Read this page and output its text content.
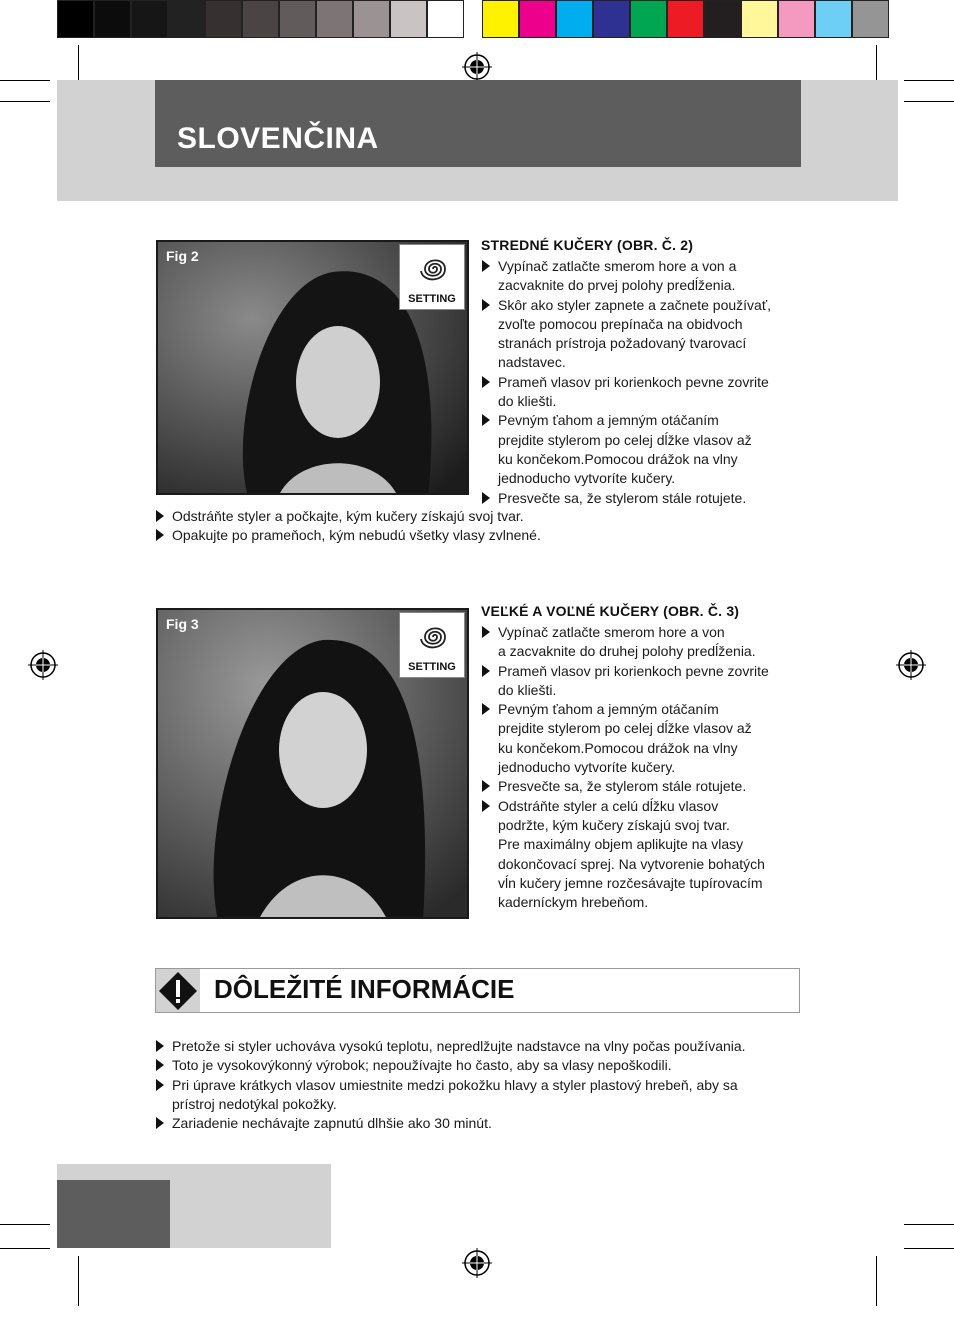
SLOVENČINA
Fig 2
SETTING
STREDNÉ KUČERY (OBR. Č. 2)
Vypínač zatlačte smerom hore a von a
zacvaknite do prvej polohy predĺženia.
Skôr ako styler zapnete a začnete používať,
zvoľte pomocou prepínača na obidvoch
stranách prístroja požadovaný tvarovací
nadstavec.
Prameň vlasov pri korienkoch pevne zovrite
do kliešti.
Pevným ťahom a jemným otáčaním
prejdite stylerom po celej dĺžke vlasov až
ku končekom.Pomocou drážok na vlny
jednoducho vytvoríte kučery.
Presvečte sa, že stylerom stále rotujete.
Odstráňte styler a počkajte, kým kučery získajú svoj tvar.
Opakujte po prameňoch, kým nebudú všetky vlasy zvlnené.
Fig 3
SETTING
VEĽKÉ A VOĽNÉ KUČERY (OBR. Č. 3)
Vypínač zatlačte smerom hore a von
a zacvaknite do druhej polohy predĺženia.
Prameň vlasov pri korienkoch pevne zovrite
do kliešti.
Pevným ťahom a jemným otáčaním
prejdite stylerom po celej dĺžke vlasov až
ku končekom.Pomocou drážok na vlny
jednoducho vytvoríte kučery.
Presvečte sa, že stylerom stále rotujete.
Odstráňte styler a celú dĺžku vlasov
podržte, kým kučery získajú svoj tvar.
Pre maximálny objem aplikujte na vlasy
dokončovací sprej. Na vytvorenie bohatých
vĺn kučery jemne rozčesávajte tupírovacím
kaderníckym hrebeňom.
DÔLEŽITÉ INFORMÁCIE
Pretože si styler uchováva vysokú teplotu, nepredlžujte nadstavce na vlny počas používania.
Toto je vysokovýkonný výrobok; nepoužívajte ho často, aby sa vlasy nepoškodili.
Pri úprave krátkych vlasov umiestnite medzi pokožku hlavy a styler plastový hrebeň, aby sa
prístroj nedotýkal pokožky.
Zariadenie nechávajte zapnutú dlhšie ako 30 minút.
